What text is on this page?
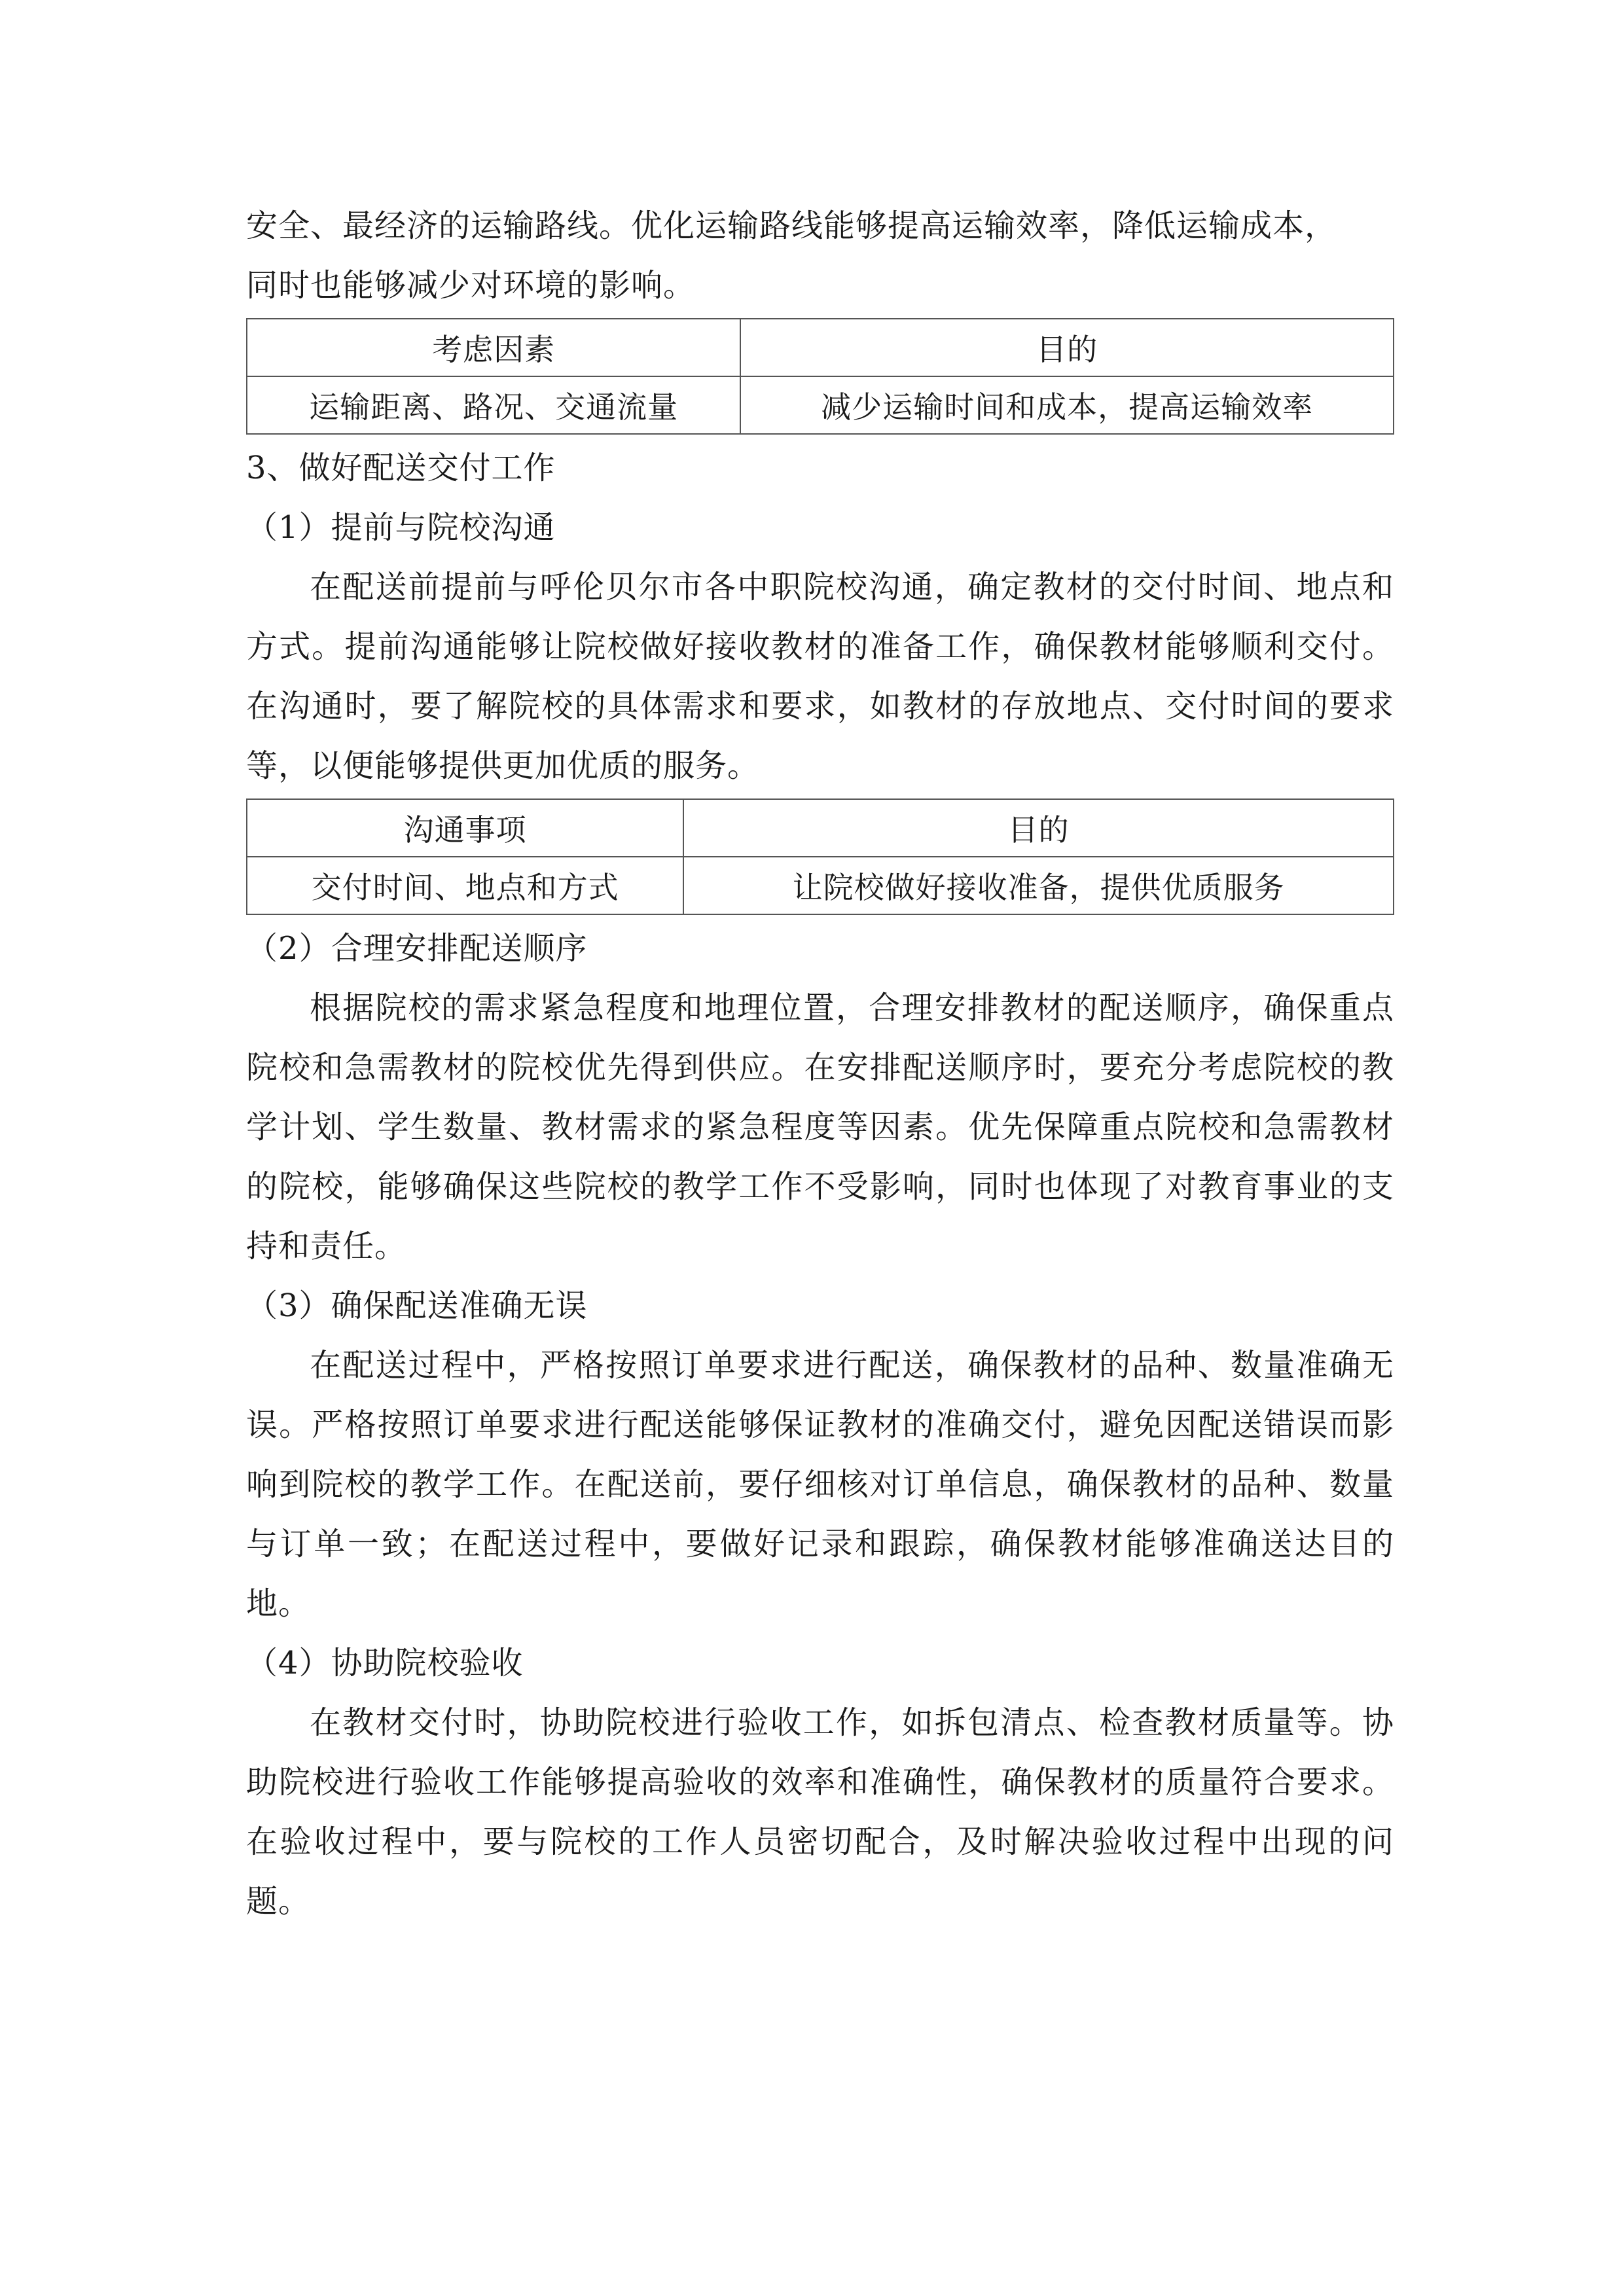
安全、最经济的运输路线。优化运输路线能够提高运输效率，降低运输成本，

同时也能够减少对环境的影响。

考虑因素	目的
运输距离、路况、交通流量	减少运输时间和成本，提高运输效率

3、做好配送交付工作

（1）提前与院校沟通

在配送前提前与呼伦贝尔市各中职院校沟通，确定教材的交付时间、地点和方式。提前沟通能够让院校做好接收教材的准备工作，确保教材能够顺利交付。在沟通时，要了解院校的具体需求和要求，如教材的存放地点、交付时间的要求等，以便能够提供更加优质的服务。

沟通事项	目的
交付时间、地点和方式	让院校做好接收准备，提供优质服务

（2）合理安排配送顺序

根据院校的需求紧急程度和地理位置，合理安排教材的配送顺序，确保重点院校和急需教材的院校优先得到供应。在安排配送顺序时，要充分考虑院校的教学计划、学生数量、教材需求的紧急程度等因素。优先保障重点院校和急需教材的院校，能够确保这些院校的教学工作不受影响，同时也体现了对教育事业的支持和责任。

（3）确保配送准确无误

在配送过程中，严格按照订单要求进行配送，确保教材的品种、数量准确无误。严格按照订单要求进行配送能够保证教材的准确交付，避免因配送错误而影响到院校的教学工作。在配送前，要仔细核对订单信息，确保教材的品种、数量与订单一致；在配送过程中，要做好记录和跟踪，确保教材能够准确送达目的地。

（4）协助院校验收

在教材交付时，协助院校进行验收工作，如拆包清点、检查教材质量等。协助院校进行验收工作能够提高验收的效率和准确性，确保教材的质量符合要求。在验收过程中，要与院校的工作人员密切配合，及时解决验收过程中出现的问题。
